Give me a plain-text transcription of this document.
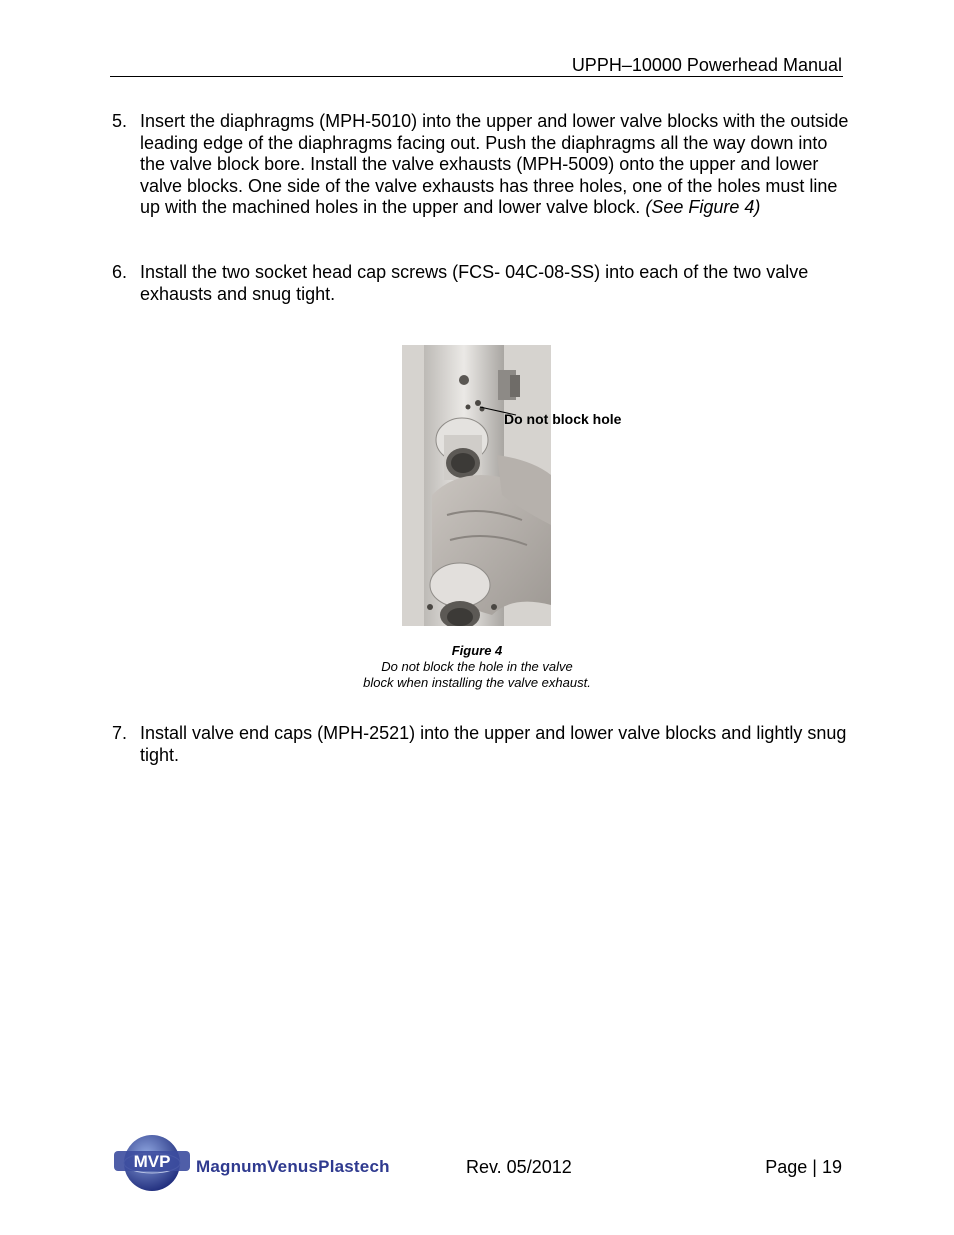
UPPH–10000 Powerhead Manual
5. Insert the diaphragms (MPH-5010) into the upper and lower valve blocks with the outside leading edge of the diaphragms facing out. Push the diaphragms all the way down into the valve block bore. Install the valve exhausts (MPH-5009) onto the upper and lower valve blocks. One side of the valve exhausts has three holes, one of the holes must line up with the machined holes in the upper and lower valve block. (See Figure 4)
6. Install the two socket head cap screws (FCS- 04C-08-SS) into each of the two valve exhausts and snug tight.
Do not block hole
Figure 4
Do not block the hole in the valve
block when installing the valve exhaust.
7. Install valve end caps (MPH-2521) into the upper and lower valve blocks and lightly snug tight.
MVP MagnumVenusPlastech	Rev. 05/2012	Page | 19
